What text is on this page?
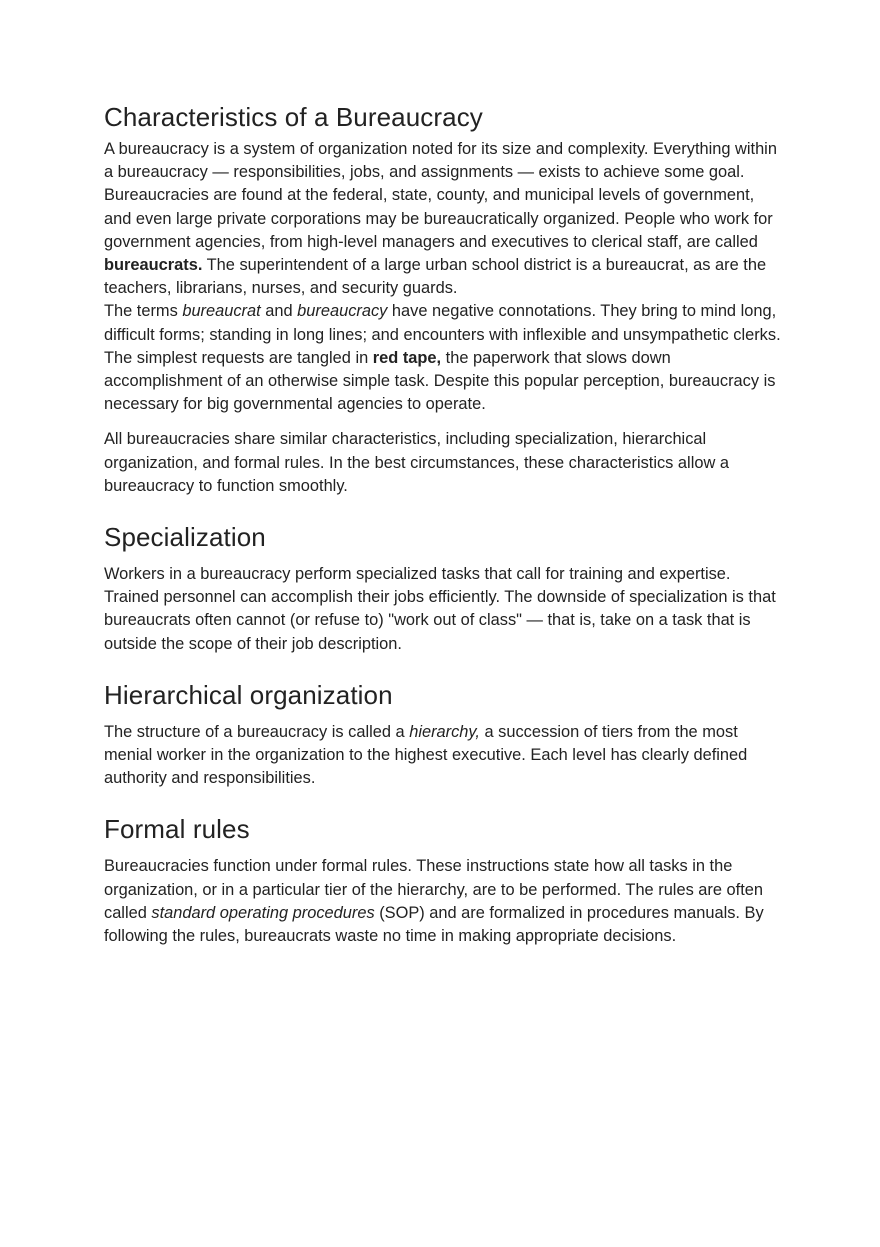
Characteristics of a Bureaucracy

A bureaucracy is a system of organization noted for its size and complexity. Everything within a bureaucracy — responsibilities, jobs, and assignments — exists to achieve some goal. Bureaucracies are found at the federal, state, county, and municipal levels of government, and even large private corporations may be bureaucratically organized. People who work for government agencies, from high-level managers and executives to clerical staff, are called bureaucrats. The superintendent of a large urban school district is a bureaucrat, as are the teachers, librarians, nurses, and security guards.

The terms bureaucrat and bureaucracy have negative connotations. They bring to mind long, difficult forms; standing in long lines; and encounters with inflexible and unsympathetic clerks. The simplest requests are tangled in red tape, the paperwork that slows down accomplishment of an otherwise simple task. Despite this popular perception, bureaucracy is necessary for big governmental agencies to operate.

All bureaucracies share similar characteristics, including specialization, hierarchical organization, and formal rules. In the best circumstances, these characteristics allow a bureaucracy to function smoothly.

Specialization

Workers in a bureaucracy perform specialized tasks that call for training and expertise. Trained personnel can accomplish their jobs efficiently. The downside of specialization is that bureaucrats often cannot (or refuse to) "work out of class" — that is, take on a task that is outside the scope of their job description.

Hierarchical organization

The structure of a bureaucracy is called a hierarchy, a succession of tiers from the most menial worker in the organization to the highest executive. Each level has clearly defined authority and responsibilities.

Formal rules

Bureaucracies function under formal rules. These instructions state how all tasks in the organization, or in a particular tier of the hierarchy, are to be performed. The rules are often called standard operating procedures (SOP) and are formalized in procedures manuals. By following the rules, bureaucrats waste no time in making appropriate decisions.
